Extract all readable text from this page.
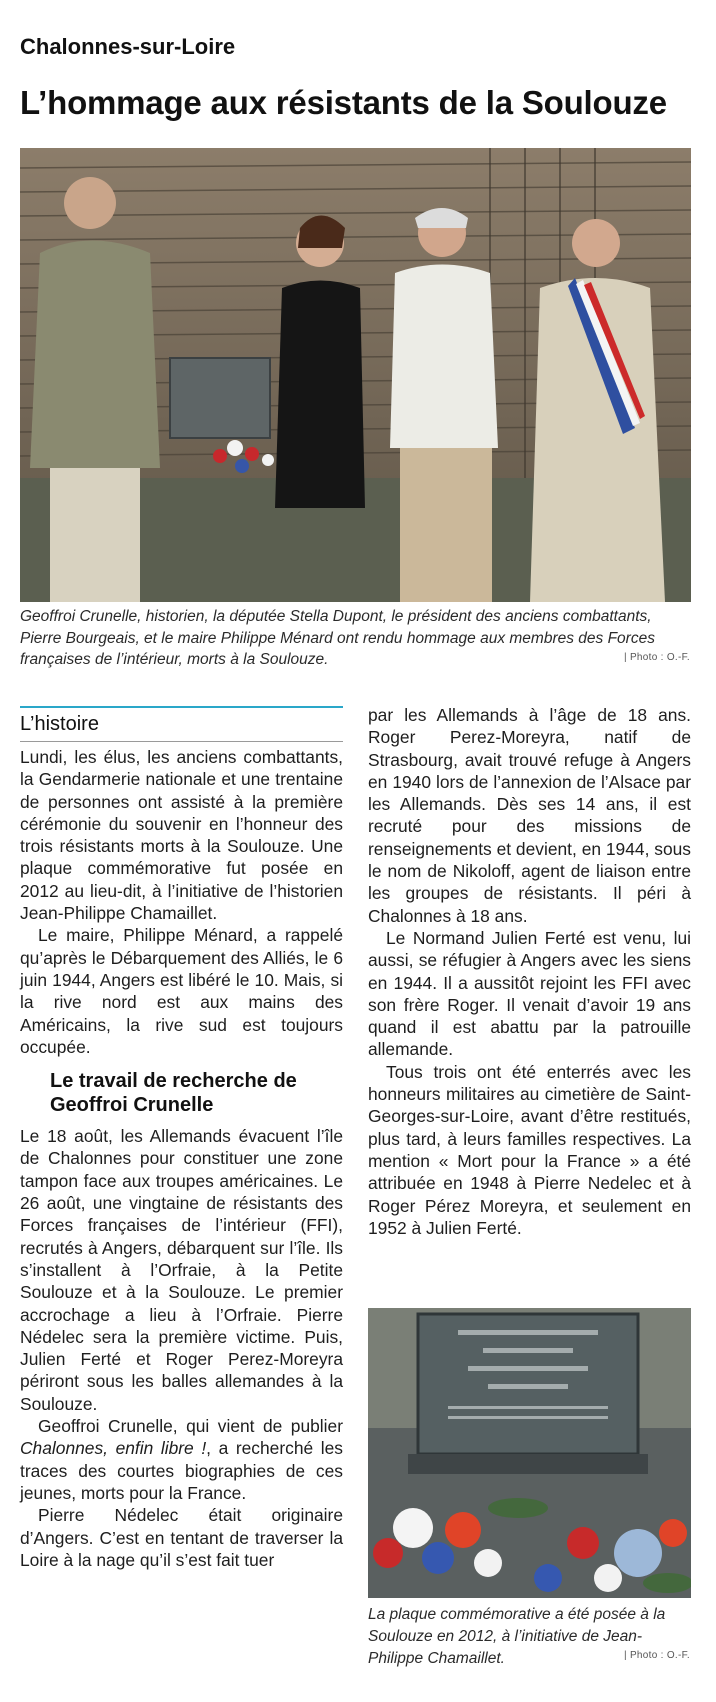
Chalonnes-sur-Loire
L’hommage aux résistants de la Soulouze
Geoffroi Crunelle, historien, la députée Stella Dupont, le président des anciens combattants, Pierre Bourgeais, et le maire Philippe Ménard ont rendu hommage aux membres des Forces françaises de l’intérieur, morts à la Soulouze.	| Photo : O.-F.
L’histoire

Lundi, les élus, les anciens combattants, la Gendarmerie nationale et une trentaine de personnes ont assisté à la première cérémonie du souvenir en l’honneur des trois résistants morts à la Soulouze. Une plaque commémorative fut posée en 2012 au lieu-dit, à l’initiative de l’historien Jean-Philippe Chamaillet.

Le maire, Philippe Ménard, a rappelé qu’après le Débarquement des Alliés, le 6 juin 1944, Angers est libéré le 10. Mais, si la rive nord est aux mains des Américains, la rive sud est toujours occupée.

Le travail de recherche de Geoffroi Crunelle

Le 18 août, les Allemands évacuent l’île de Chalonnes pour constituer une zone tampon face aux troupes américaines. Le 26 août, une vingtaine de résistants des Forces françaises de l’intérieur (FFI), recrutés à Angers, débarquent sur l’île. Ils s’installent à l’Orfraie, à la Petite Soulouze et à la Soulouze. Le premier accrochage a lieu à l’Orfraie. Pierre Nédelec sera la première victime. Puis, Julien Ferté et Roger Perez-Moreyra périront sous les balles allemandes à la Soulouze.

Geoffroi Crunelle, qui vient de publier Chalonnes, enfin libre !, a recherché les traces des courtes biographies de ces jeunes, morts pour la France.

Pierre Nédelec était originaire d’Angers. C’est en tentant de traverser la Loire à la nage qu’il s’est fait tuer

par les Allemands à l’âge de 18 ans. Roger Perez-Moreyra, natif de Strasbourg, avait trouvé refuge à Angers en 1940 lors de l’annexion de l’Alsace par les Allemands. Dès ses 14 ans, il est recruté pour des missions de renseignements et devient, en 1944, sous le nom de Nikoloff, agent de liaison entre les groupes de résistants. Il péri à Chalonnes à 18 ans.

Le Normand Julien Ferté est venu, lui aussi, se réfugier à Angers avec les siens en 1944. Il a aussitôt rejoint les FFI avec son frère Roger. Il venait d’avoir 19 ans quand il est abattu par la patrouille allemande.

Tous trois ont été enterrés avec les honneurs militaires au cimetière de Saint-Georges-sur-Loire, avant d’être restitués, plus tard, à leurs familles respectives. La mention « Mort pour la France » a été attribuée en 1948 à Pierre Nedelec et à Roger Pérez Moreyra, et seulement en 1952 à Julien Ferté.

La plaque commémorative a été posée à la Soulouze en 2012, à l’initiative de Jean-Philippe Chamaillet.	| Photo : O.-F.
